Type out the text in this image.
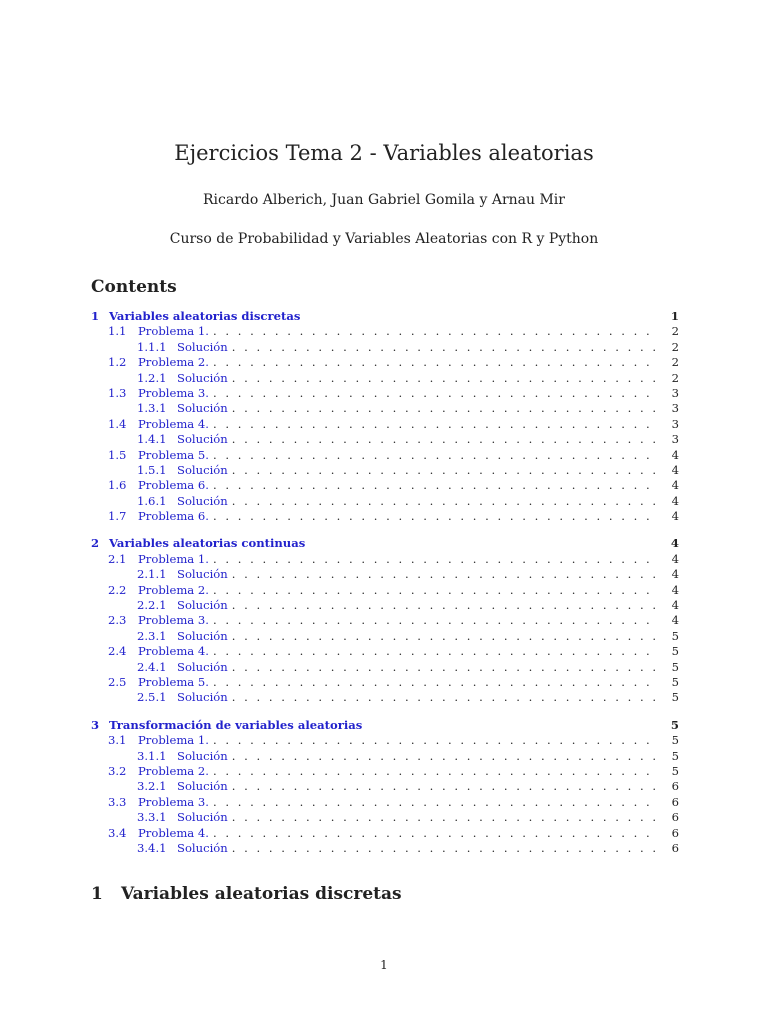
Ejercicios Tema 2 - Variables aleatorias
Ricardo Alberich, Juan Gabriel Gomila y Arnau Mir
Curso de Probabilidad y Variables Aleatorias con R y Python
Contents
1 Variables aleatorias discretas	1
1.1 Problema 1. . . .	2
1.1.1 Solución . . .	2
1.2 Problema 2. . . .	2
1.2.1 Solución . . .	2
1.3 Problema 3. . . .	3
1.3.1 Solución . . .	3
1.4 Problema 4. . . .	3
1.4.1 Solución . . .	3
1.5 Problema 5. . . .	4
1.5.1 Solución . . .	4
1.6 Problema 6. . . .	4
1.6.1 Solución . . .	4
1.7 Problema 6. . . .	4
2 Variables aleatorias continuas	4
2.1 Problema 1. . . .	4
2.1.1 Solución . . .	4
2.2 Problema 2. . . .	4
2.2.1 Solución . . .	4
2.3 Problema 3. . . .	4
2.3.1 Solución . . .	5
2.4 Problema 4. . . .	5
2.4.1 Solución . . .	5
2.5 Problema 5. . . .	5
2.5.1 Solución . . .	5
3 Transformación de variables aleatorias	5
3.1 Problema 1. . . .	5
3.1.1 Solución . . .	5
3.2 Problema 2. . . .	5
3.2.1 Solución . . .	6
3.3 Problema 3. . . .	6
3.3.1 Solución . . .	6
3.4 Problema 4. . . .	6
3.4.1 Solución . . .	6
1 Variables aleatorias discretas
1
